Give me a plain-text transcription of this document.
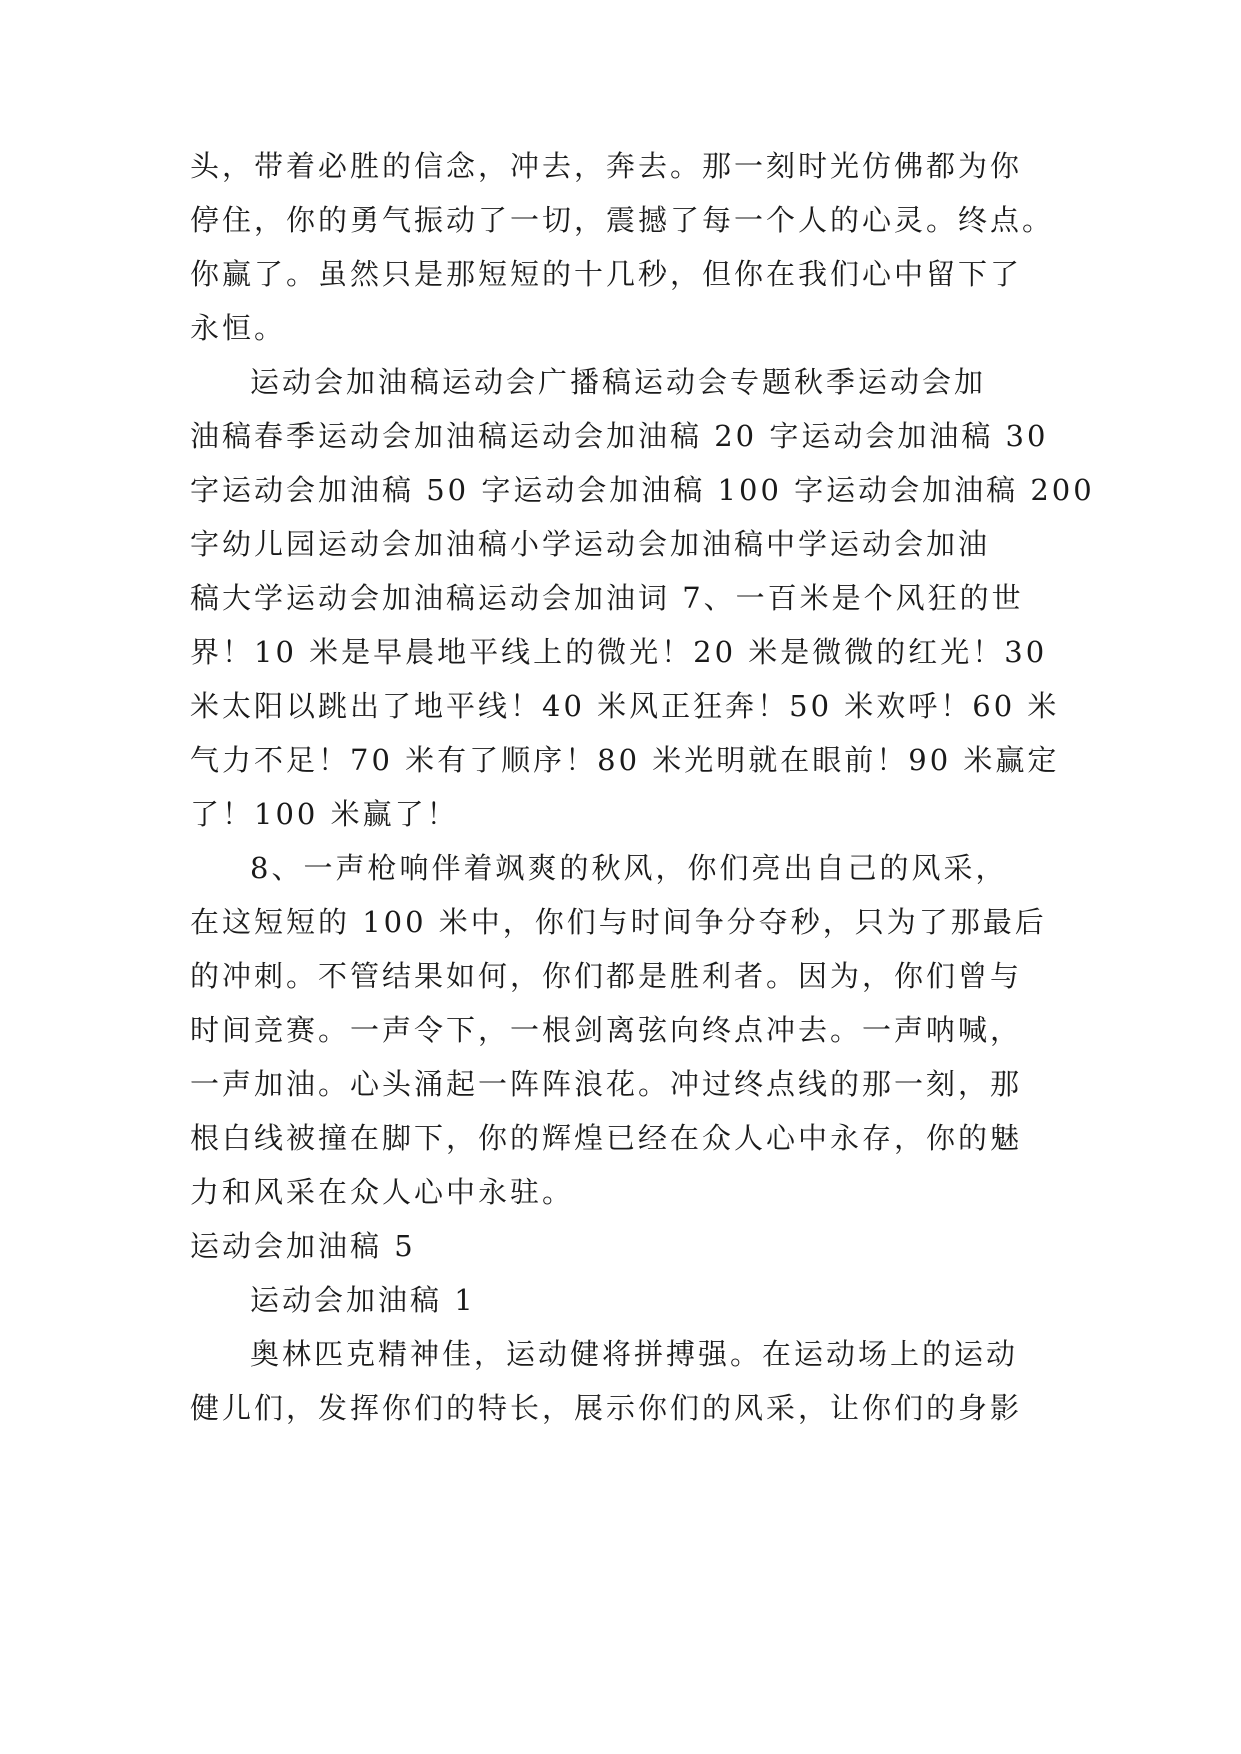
头，带着必胜的信念，冲去，奔去。那一刻时光仿佛都为你
停住，你的勇气振动了一切，震撼了每一个人的心灵。终点。
你赢了。虽然只是那短短的十几秒，但你在我们心中留下了
永恒。
运动会加油稿运动会广播稿运动会专题秋季运动会加
油稿春季运动会加油稿运动会加油稿 20 字运动会加油稿 30
字运动会加油稿 50 字运动会加油稿 100 字运动会加油稿 200
字幼儿园运动会加油稿小学运动会加油稿中学运动会加油
稿大学运动会加油稿运动会加油词 7、一百米是个风狂的世
界！10 米是早晨地平线上的微光！20 米是微微的红光！30
米太阳以跳出了地平线！40 米风正狂奔！50 米欢呼！60 米
气力不足！70 米有了顺序！80 米光明就在眼前！90 米赢定
了！100 米赢了！
8、一声枪响伴着飒爽的秋风，你们亮出自己的风采，
在这短短的 100 米中，你们与时间争分夺秒，只为了那最后
的冲刺。不管结果如何，你们都是胜利者。因为，你们曾与
时间竞赛。一声令下，一根剑离弦向终点冲去。一声呐喊，
一声加油。心头涌起一阵阵浪花。冲过终点线的那一刻，那
根白线被撞在脚下，你的辉煌已经在众人心中永存，你的魅
力和风采在众人心中永驻。
运动会加油稿 5
运动会加油稿 1
奥林匹克精神佳，运动健将拼搏强。在运动场上的运动
健儿们，发挥你们的特长，展示你们的风采，让你们的身影
